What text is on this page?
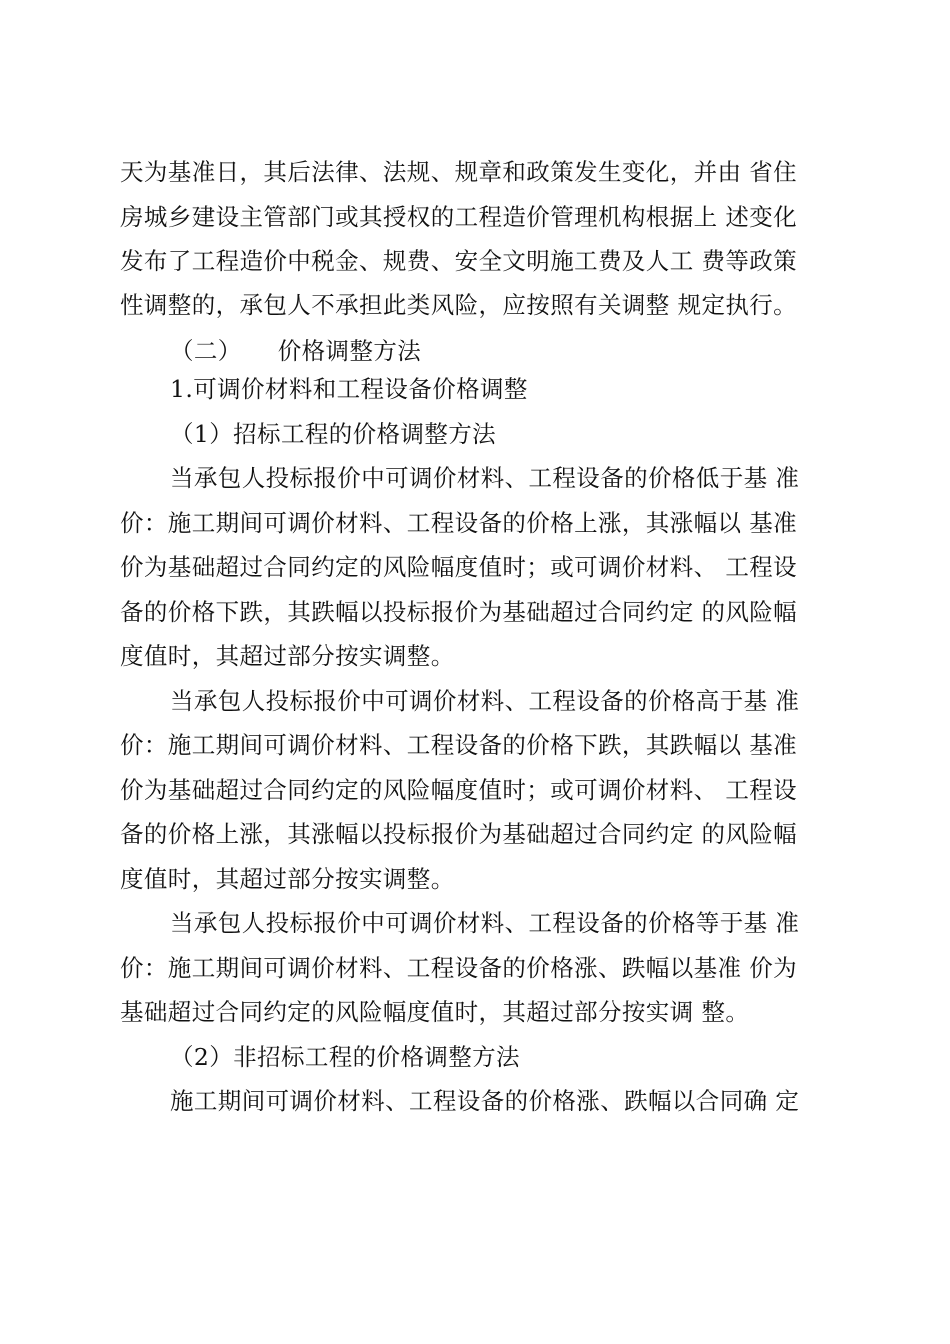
天为基准日，其后法律、法规、规章和政策发生变化，并由 省住
房城乡建设主管部门或其授权的工程造价管理机构根据上 述变化
发布了工程造价中税金、规费、安全文明施工费及人工 费等政策
性调整的，承包人不承担此类风险，应按照有关调整 规定执行。
（二）　　价格调整方法
1.可调价材料和工程设备价格调整
（1）招标工程的价格调整方法
当承包人投标报价中可调价材料、工程设备的价格低于基 准
价：施工期间可调价材料、工程设备的价格上涨，其涨幅以 基准
价为基础超过合同约定的风险幅度值时；或可调价材料、 工程设
备的价格下跌，其跌幅以投标报价为基础超过合同约定 的风险幅
度值时，其超过部分按实调整。
当承包人投标报价中可调价材料、工程设备的价格高于基 准
价：施工期间可调价材料、工程设备的价格下跌，其跌幅以 基准
价为基础超过合同约定的风险幅度值时；或可调价材料、 工程设
备的价格上涨，其涨幅以投标报价为基础超过合同约定 的风险幅
度值时，其超过部分按实调整。
当承包人投标报价中可调价材料、工程设备的价格等于基 准
价：施工期间可调价材料、工程设备的价格涨、跌幅以基准 价为
基础超过合同约定的风险幅度值时，其超过部分按实调 整。
（2）非招标工程的价格调整方法
施工期间可调价材料、工程设备的价格涨、跌幅以合同确 定
